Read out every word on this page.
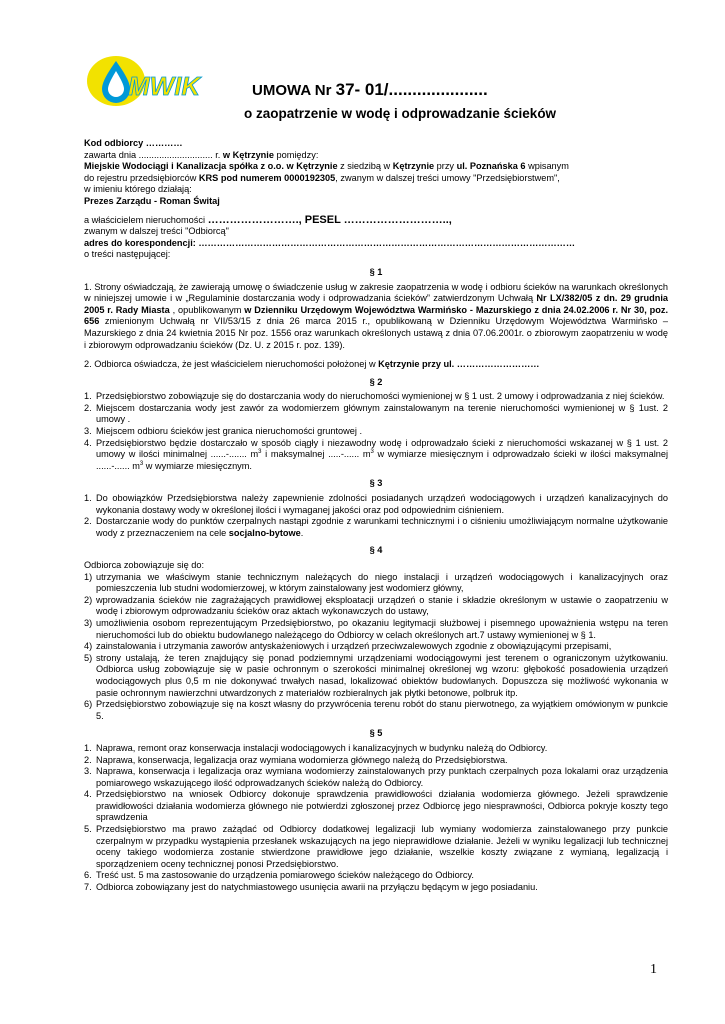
MWIK	UMOWA Nr 37- 01/.....................
o zaopatrzenie w wodę i odprowadzanie ścieków

Kod odbiorcy …………

zawarta dnia ............................. r. w Kętrzynie pomiędzy:

Miejskie Wodociągi i Kanalizacja spółka z o.o. w Kętrzynie z siedzibą w Kętrzynie przy ul. Poznańska 6 wpisanym

do rejestru przedsiębiorców KRS pod numerem 0000192305, zwanym w dalszej treści umowy "Przedsiębiorstwem",

w imieniu którego działają:

Prezes Zarządu - Roman Świtaj

a właścicielem nieruchomości ……………………., PESEL ………………………..,

zwanym w dalszej treści "Odbiorcą"

adres do korespondencji: ……………………………………………………………………………………………………………

o treści następującej:

§ 1
1. Strony oświadczają, że zawierają umowę o świadczenie usług w zakresie zaopatrzenia w wodę i odbioru ścieków na warunkach określonych w niniejszej umowie i w „Regulaminie dostarczania wody i odprowadzania ścieków” zatwierdzonym Uchwałą Nr LX/382/05 z dn. 29 grudnia 2005 r. Rady Miasta , opublikowanym w Dzienniku Urzędowym Województwa Warmińsko - Mazurskiego z dnia 24.02.2006 r. Nr 30, poz. 656 zmienionym Uchwałą nr VII/53/15 z dnia 26 marca 2015 r., opublikowaną w Dzienniku Urzędowym Województwa Warmińsko – Mazurskiego z dnia 24 kwietnia 2015 Nr poz. 1556 oraz warunkach określonych ustawą z dnia 07.06.2001r. o zbiorowym zaopatrzeniu w wodę i zbiorowym odprowadzaniu ścieków (Dz. U. z 2015 r. poz. 139).
2. Odbiorca oświadcza, że jest właścicielem nieruchomości położonej w Kętrzynie przy ul. ………………………
§ 2
1. Przedsiębiorstwo zobowiązuje się do dostarczania wody do nieruchomości wymienionej w § 1 ust. 2 umowy i odprowadzania z niej ścieków.
2. Miejscem dostarczania wody jest zawór za wodomierzem głównym zainstalowanym na terenie nieruchomości wymienionej w § 1ust. 2 umowy .
3. Miejscem odbioru ścieków jest granica nieruchomości gruntowej .
4. Przedsiębiorstwo będzie dostarczało w sposób ciągły i niezawodny wodę i odprowadzało ścieki z nieruchomości wskazanej w § 1 ust. 2 umowy w ilości minimalnej ......-....... $m^3$ i maksymalnej .....-...... $m^3$ w wymiarze miesięcznym i odprowadzało ścieki w ilości maksymalnej ......-...... $m^3$ w wymiarze miesięcznym.
§ 3
1. Do obowiązków Przedsiębiorstwa należy zapewnienie zdolności posiadanych urządzeń wodociągowych i urządzeń kanalizacyjnych do wykonania dostawy wody w określonej ilości i wymaganej jakości oraz pod odpowiednim ciśnieniem.
2. Dostarczanie wody do punktów czerpalnych nastąpi zgodnie z warunkami technicznymi i o ciśnieniu umożliwiającym normalne użytkowanie wody z przeznaczeniem na cele socjalno-bytowe.
§ 4
Odbiorca zobowiązuje się do:
1) utrzymania we właściwym stanie technicznym należących do niego instalacji i urządzeń wodociągowych i kanalizacyjnych oraz pomieszczenia lub studni wodomierzowej, w którym zainstalowany jest wodomierz główny,
2) wprowadzania ścieków nie zagrażających prawidłowej eksploatacji urządzeń o stanie i składzie określonym w ustawie o zaopatrzeniu w wodę i zbiorowym odprowadzaniu ścieków oraz aktach wykonawczych do ustawy,
3) umożliwienia osobom reprezentującym Przedsiębiorstwo, po okazaniu legitymacji służbowej i pisemnego upoważnienia wstępu na teren nieruchomości lub do obiektu budowlanego należącego do Odbiorcy w celach określonych art.7 ustawy wymienionej w § 1.
4) zainstalowania i utrzymania zaworów antyskażeniowych i urządzeń przeciwzalewowych zgodnie z obowiązującymi przepisami,
5) strony ustalają, że teren znajdujący się ponad podziemnymi urządzeniami wodociągowymi jest terenem o ograniczonym użytkowaniu. Odbiorca usług zobowiązuje się w pasie ochronnym o szerokości minimalnej określonej wg wzoru: głębokość posadowienia urządzeń wodociągowych plus 0,5 m nie dokonywać trwałych nasad, lokalizować obiektów budowlanych. Dopuszcza się możliwość wykonania w pasie ochronnym nawierzchni utwardzonych z materiałów rozbieralnych jak płytki betonowe, polbruk itp.
6) Przedsiębiorstwo zobowiązuje się na koszt własny do przywrócenia terenu robót do stanu pierwotnego, za wyjątkiem omówionym w punkcie 5.
§ 5
1. Naprawa, remont oraz konserwacja instalacji wodociągowych i kanalizacyjnych w budynku należą do Odbiorcy.
2. Naprawa, konserwacja, legalizacja oraz wymiana wodomierza głównego należą do Przedsiębiorstwa.
3. Naprawa, konserwacja i legalizacja oraz wymiana wodomierzy zainstalowanych przy punktach czerpalnych poza lokalami oraz urządzenia pomiarowego wskazującego ilość odprowadzanych ścieków należą do Odbiorcy.
4. Przedsiębiorstwo na wniosek Odbiorcy dokonuje sprawdzenia prawidłowości działania wodomierza głównego. Jeżeli sprawdzenie prawidłowości działania wodomierza głównego nie potwierdzi zgłoszonej przez Odbiorcę jego niesprawności, Odbiorca pokryje koszty tego sprawdzenia
5. Przedsiębiorstwo ma prawo zażądać od Odbiorcy dodatkowej legalizacji lub wymiany wodomierza zainstalowanego przy punkcie czerpalnym w przypadku wystąpienia przesłanek wskazujących na jego nieprawidłowe działanie. Jeżeli w wyniku legalizacji lub technicznej oceny takiego wodomierza zostanie stwierdzone prawidłowe jego działanie, wszelkie koszty związane z wymianą, legalizacją i sporządzeniem oceny technicznej ponosi Przedsiębiorstwo.
6. Treść ust. 5 ma zastosowanie do urządzenia pomiarowego ścieków należącego do Odbiorcy.
7. Odbiorca zobowiązany jest do natychmiastowego usunięcia awarii na przyłączu będącym w jego posiadaniu.
1
